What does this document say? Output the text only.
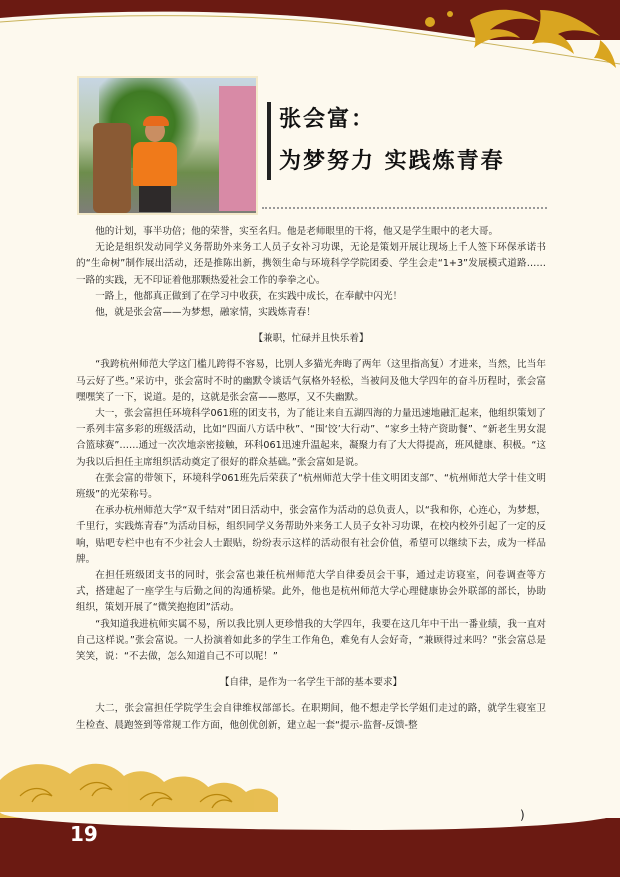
张会富：
为梦努力 实践炼青春

他的计划，事半功倍；他的荣誉，实至名归。他是老师眼里的干将，他又是学生眼中的老大哥。

无论是组织发动同学义务帮助外来务工人员子女补习功课，无论是策划开展让现场上千人签下环保承诺书的“生命树”制作展出活动，还是推陈出新，携领生命与环境科学学院团委、学生会走“1+3”发展模式道路……一路的实践，无不印证着他那颗热爱社会工作的拳拳之心。

一路上，他都真正做到了在学习中收获，在实践中成长，在奉献中闪光！

他，就是张会富——为梦想，融家情，实践炼青春！

【兼职，忙碌并且快乐着】

“我跨杭州师范大学这门槛儿跨得不容易，比别人多猫光奔晦了两年（这里指高复）才进来，当然，比当年马云好了些。”采访中，张会富时不时的幽默令谈话气氛格外轻松，当被问及他大学四年的奋斗历程时，张会富嘿嘿笑了一下，说道。是的，这就是张会富——憨厚，又不失幽默。

大一，张会富担任环境科学061班的团支书，为了能让来自五湖四海的力量迅速地融汇起来，他组织策划了一系列丰富多彩的班级活动，比如“四面八方话中秋”、“围‘饺’大行动”、“家乡土特产资助餐”、“新老生男女混合篮球赛”……通过一次次地亲密接触，环科061迅速升温起来，凝聚力有了大大得提高，班风健康、积极。“这为我以后担任主席组织活动奠定了很好的群众基础。”张会富如是说。

在张会富的带领下，环境科学061班先后荣获了“杭州师范大学十佳文明团支部”、“杭州师范大学十佳文明班级”的光荣称号。

在承办杭州师范大学“双千结对”团日活动中，张会富作为活动的总负责人，以“我和你，心连心，为梦想，千里行，实践炼青春”为活动目标，组织同学义务帮助外来务工人员子女补习功课，在校内校外引起了一定的反响，贴吧专栏中也有不少社会人士跟贴，纷纷表示这样的活动很有社会价值，希望可以继续下去，成为一样品牌。

在担任班级团支书的同时，张会富也兼任杭州师范大学自律委员会干事，通过走访寝室，问卷调查等方式，搭建起了一座学生与后勤之间的沟通桥梁。此外，他也是杭州师范大学心理健康协会外联部的部长，协助组织，策划开展了“微笑抱抱团”活动。

“我知道我进杭师实属不易，所以我比别人更珍惜我的大学四年，我要在这几年中干出一番业绩，我一直对自己这样说。”张会富说。一人扮演着如此多的学生工作角色，难免有人会好奇，“兼顾得过来吗？”张会富总是笑笑，说：“不去做，怎么知道自己不可以呢！”

【自律，是作为一名学生干部的基本要求】

大二，张会富担任学院学生会自律维权部部长。在职期间，他不想走学长学姐们走过的路，就学生寝室卫生检查、晨跑签到等常规工作方面，他创优创新，建立起一套“提示-监督-反馈-整

19
)
